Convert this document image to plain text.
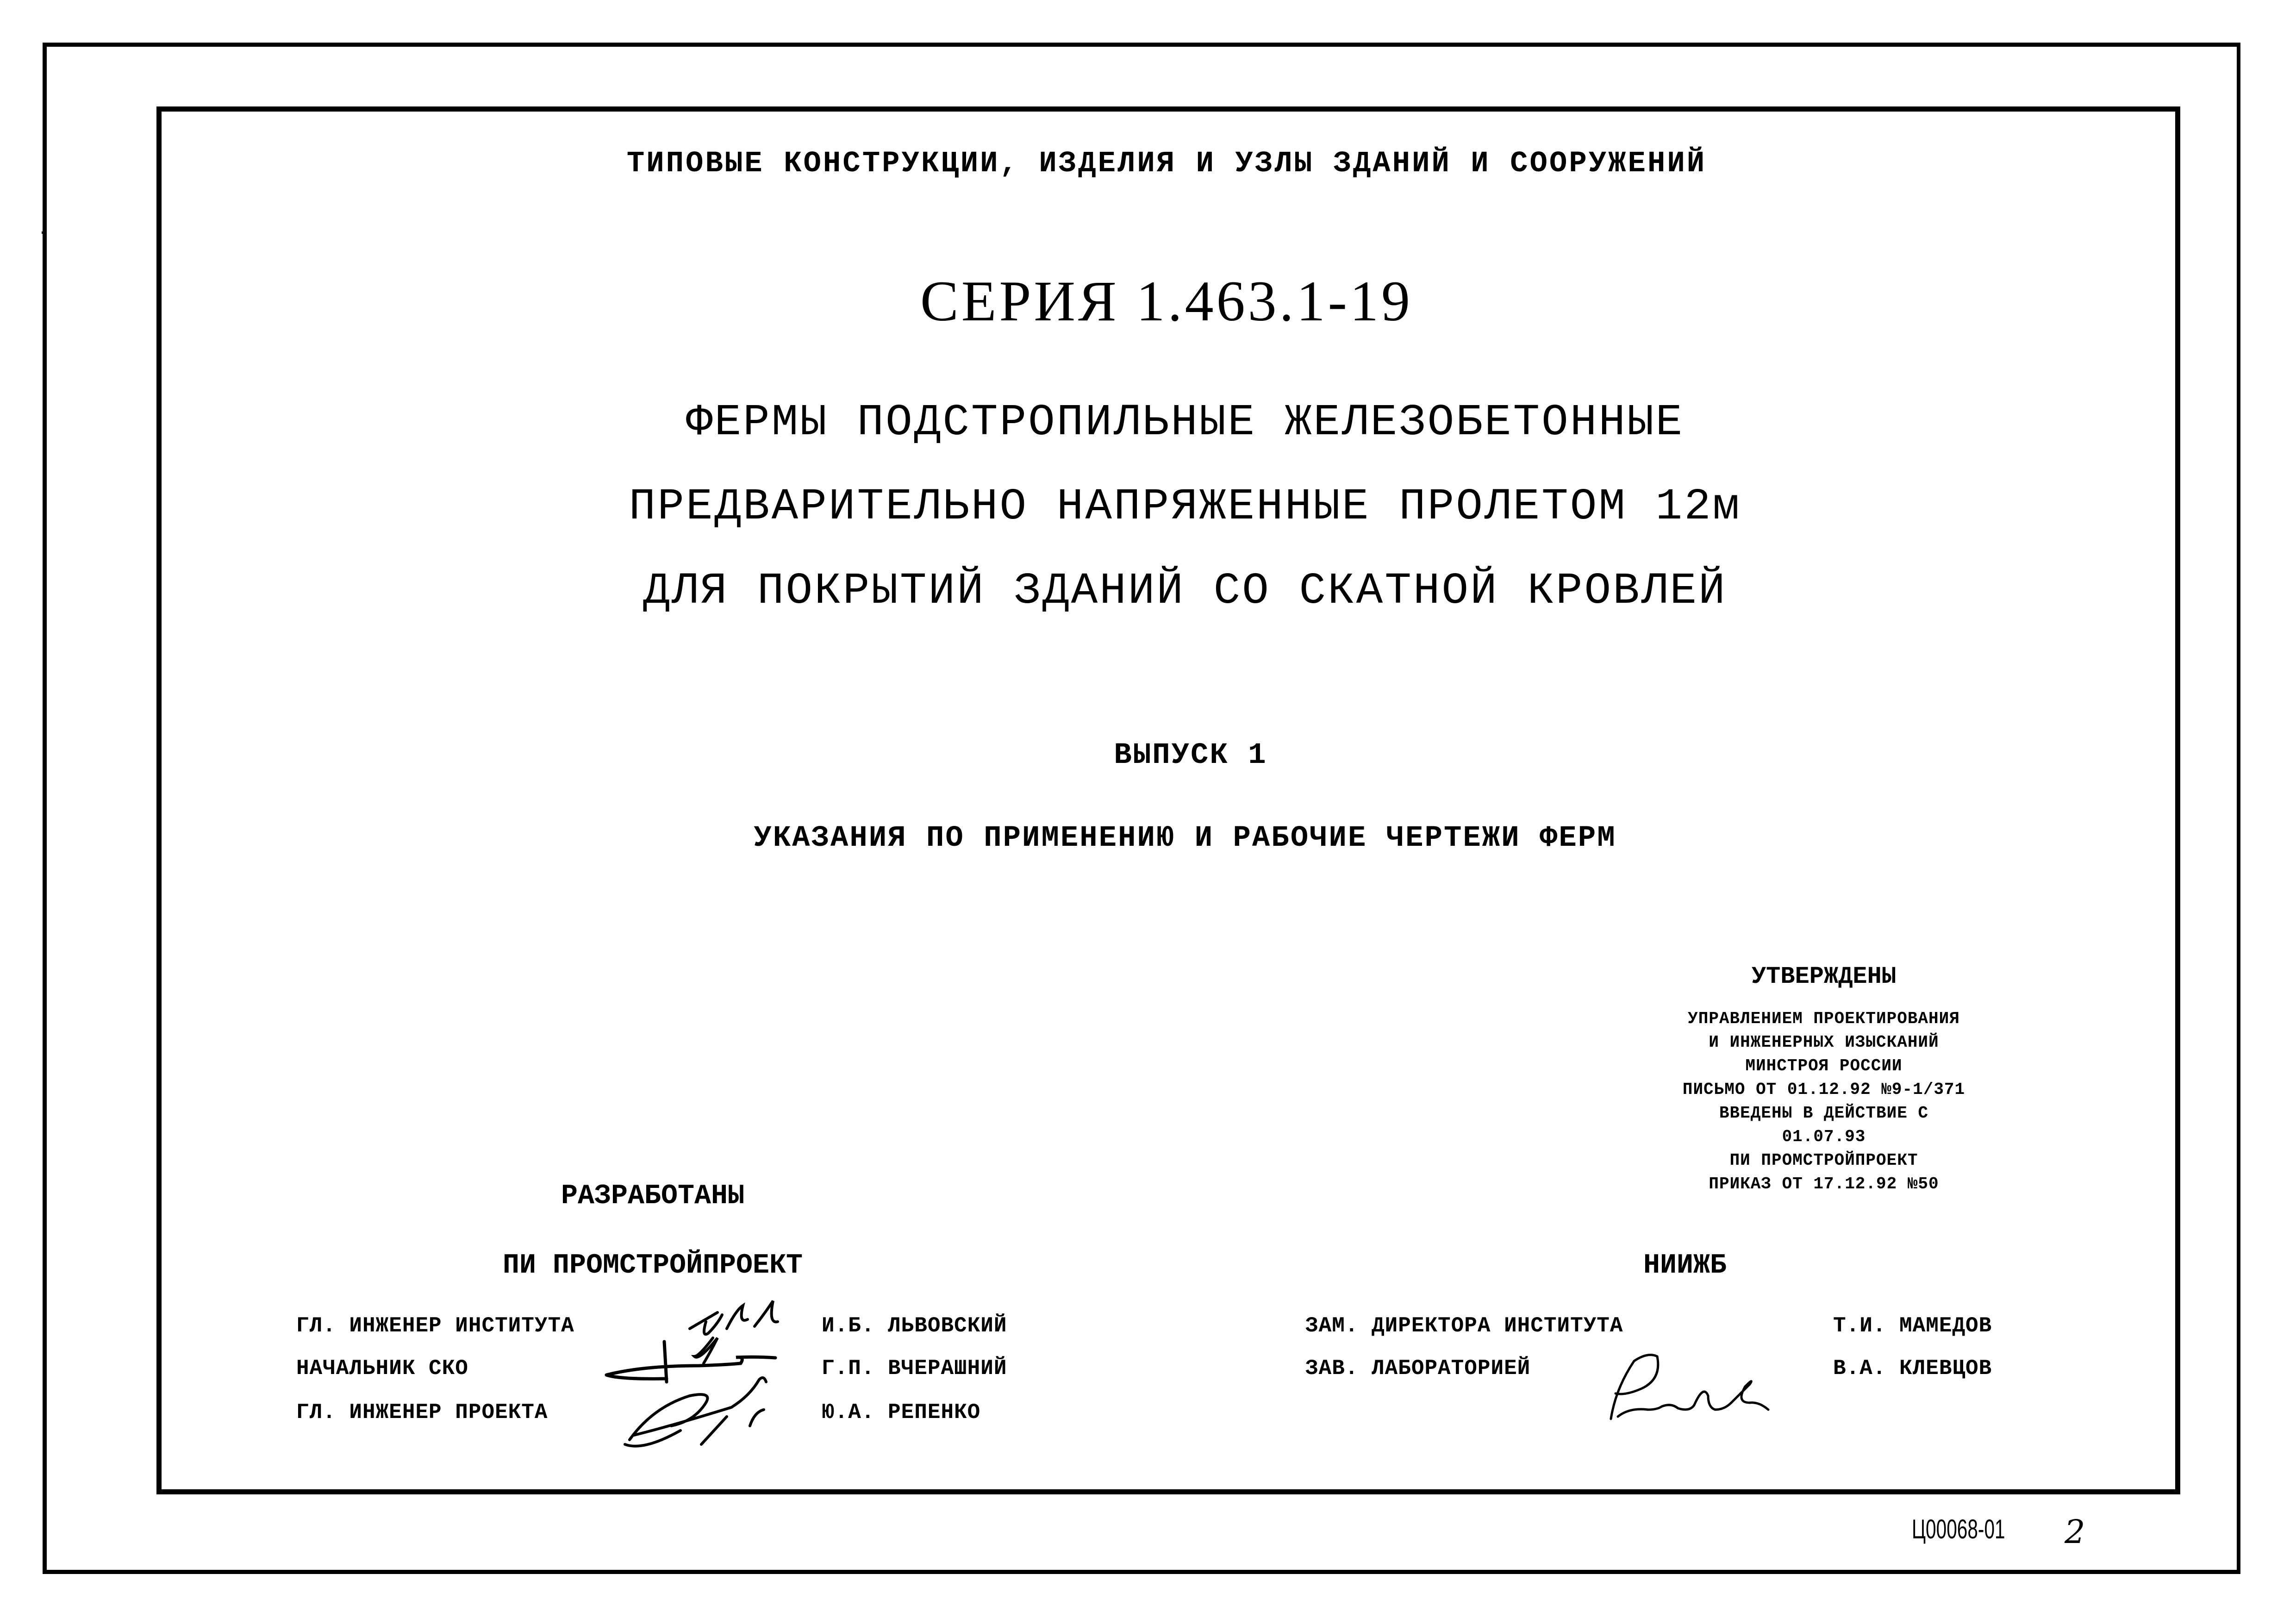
ТИПОВЫЕ КОНСТРУКЦИИ, ИЗДЕЛИЯ И УЗЛЫ ЗДАНИЙ И СООРУЖЕНИЙ
СЕРИЯ 1.463.1-19
ФЕРМЫ ПОДСТРОПИЛЬНЫЕ ЖЕЛЕЗОБЕТОННЫЕ
ПРЕДВАРИТЕЛЬНО НАПРЯЖЕННЫЕ ПРОЛЕТОМ 12м
ДЛЯ ПОКРЫТИЙ ЗДАНИЙ СО СКАТНОЙ КРОВЛЕЙ
ВЫПУСК 1
УКАЗАНИЯ ПО ПРИМЕНЕНИЮ И РАБОЧИЕ ЧЕРТЕЖИ ФЕРМ
УТВЕРЖДЕНЫ
УПРАВЛЕНИЕМ ПРОЕКТИРОВАНИЯ
И ИНЖЕНЕРНЫХ ИЗЫСКАНИЙ
МИНСТРОЯ РОССИИ
ПИСЬМО ОТ 01.12.92 №9-1/371
ВВЕДЕНЫ В ДЕЙСТВИЕ С 01.07.93
ПИ ПРОМСТРОЙПРОЕКТ
ПРИКАЗ ОТ 17.12.92 №50
РАЗРАБОТАНЫ
ПИ ПРОМСТРОЙПРОЕКТ	НИИЖБ
ГЛ. ИНЖЕНЕР ИНСТИТУТА	И.Б. ЛЬВОВСКИЙ
НАЧАЛЬНИК СКО	Г.П. ВЧЕРАШНИЙ
ГЛ. ИНЖЕНЕР ПРОЕКТА	Ю.А. РЕПЕНКО
ЗАМ. ДИРЕКТОРА ИНСТИТУТА	Т.И. МАМЕДОВ
ЗАВ. ЛАБОРАТОРИЕЙ	В.А. КЛЕВЦОВ
Ц00068-01 2
